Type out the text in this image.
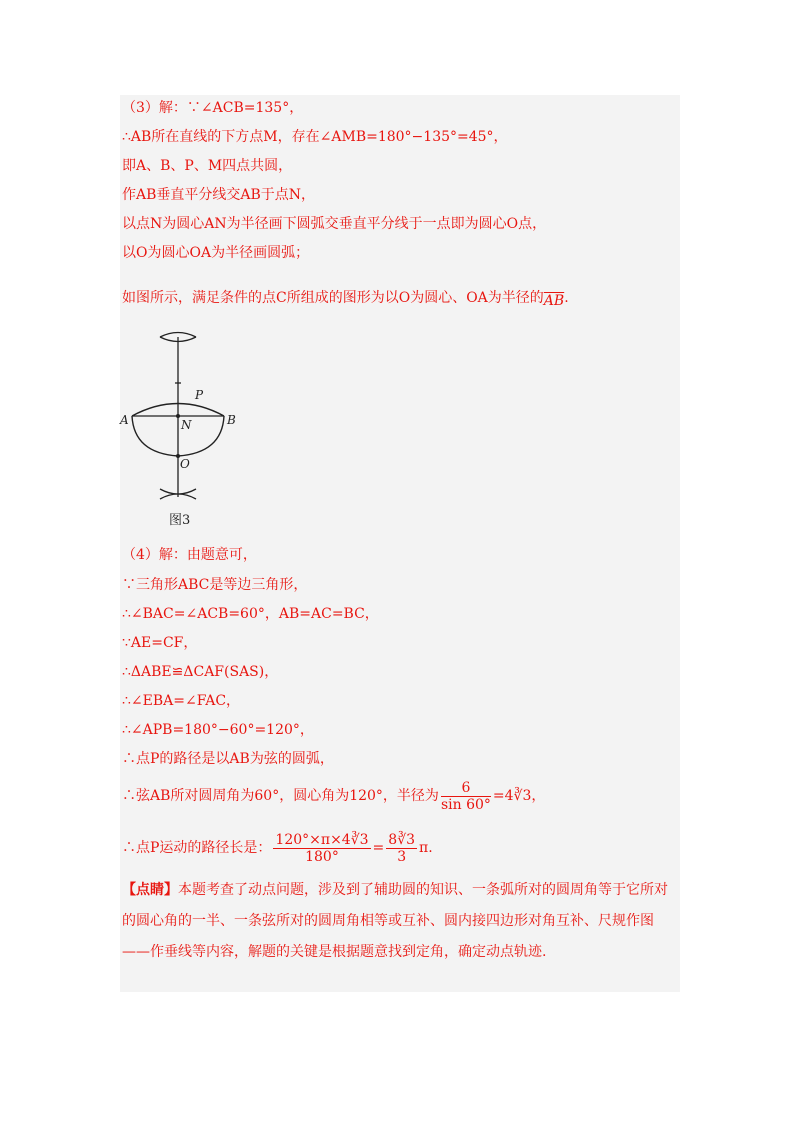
（3）解：∵∠ACB=135°，
∴AB所在直线的下方点M，存在∠AMB=180°−135°=45°，
即A、B、P、M四点共圆，
作AB垂直平分线交AB于点N，
以点N为圆心AN为半径画下圆弧交垂直平分线于一点即为圆心O点，
以O为圆心OA为半径画圆弧；
如图所示，满足条件的点C所组成的图形为以O为圆心、OA为半径的$\overline{AB}$.
A	B
P
N
O
图3
（4）解：由题意可，
∵三角形ABC是等边三角形，
∴∠BAC=∠ACB=60°，AB=AC=BC，
∵AE=CF，
∴ΔABE≌ΔCAF(SAS)，
∴∠EBA=∠FAC，
∴∠APB=180°−60°=120°，
∴点P的路径是以AB为弦的圆弧，
∴弦AB所对圆周角为60°，圆心角为120°，半径为 $\frac{6}{\sin 60^\circ}$ =4∛3，
∴点P运动的路径长是： $\frac{120^\circ\times\pi\times 4∛3}{180^\circ} = \frac{8∛3}{3} \pi$.
【点睛】本题考查了动点问题，涉及到了辅助圆的知识、一条弧所对的圆周角等于它所对
的圆心角的一半、一条弦所对的圆周角相等或互补、圆内接四边形对角互补、尺规作图
——作垂线等内容，解题的关键是根据题意找到定角，确定动点轨迹.
